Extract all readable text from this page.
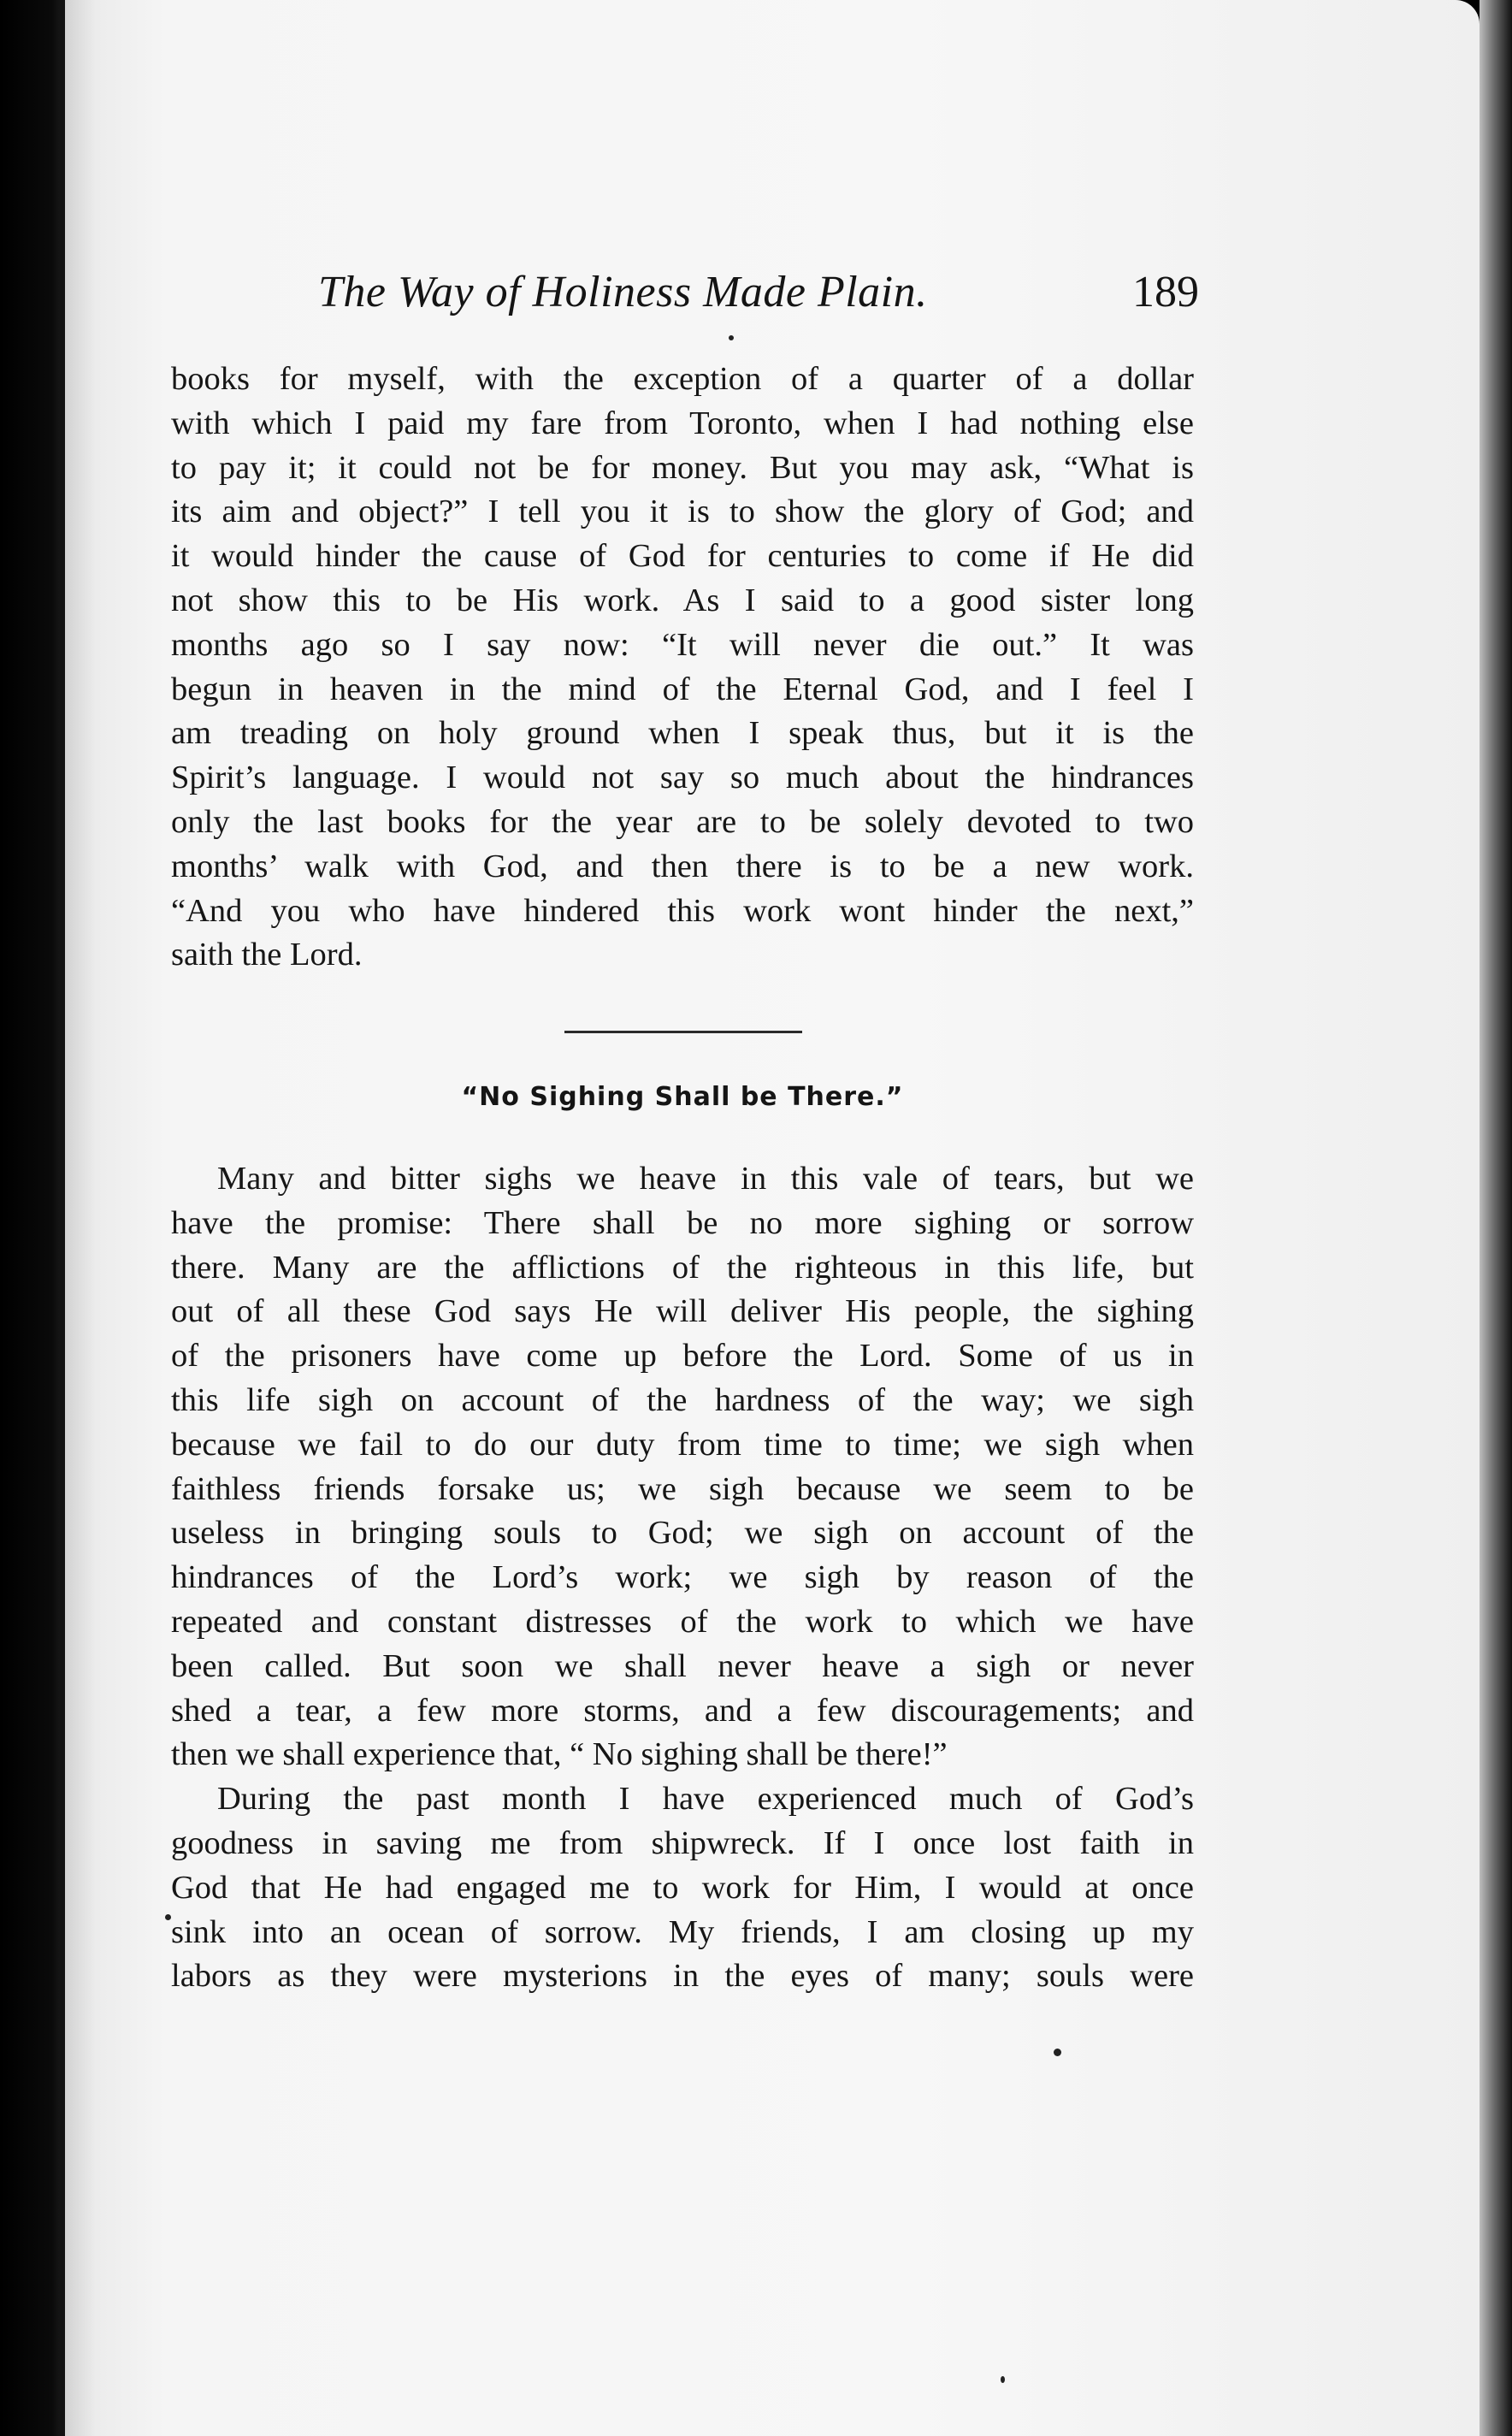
The Way of Holiness Made Plain.	189
books for myself, with the exception of a quarter of a dollar
with which I paid my fare from Toronto, when I had nothing else
to pay it; it could not be for money. But you may ask, “What is
its aim and object?” I tell you it is to show the glory of God; and
it would hinder the cause of God for centuries to come if He did
not show this to be His work. As I said to a good sister long
months ago so I say now: “It will never die out.” It was
begun in heaven in the mind of the Eternal God, and I feel I
am treading on holy ground when I speak thus, but it is the
Spirit’s language. I would not say so much about the hindrances
only the last books for the year are to be solely devoted to two
months’ walk with God, and then there is to be a new work.
“And you who have hindered this work wont hinder the next,”
saith the Lord.
“No Sighing Shall be There.”

Many and bitter sighs we heave in this vale of tears, but we
have the promise: There shall be no more sighing or sorrow
there. Many are the afflictions of the righteous in this life, but
out of all these God says He will deliver His people, the sighing
of the prisoners have come up before the Lord. Some of us in
this life sigh on account of the hardness of the way; we sigh
because we fail to do our duty from time to time; we sigh when
faithless friends forsake us; we sigh because we seem to be
useless in bringing souls to God; we sigh on account of the
hindrances of the Lord’s work; we sigh by reason of the
repeated and constant distresses of the work to which we have
been called. But soon we shall never heave a sigh or never
shed a tear, a few more storms, and a few discouragements; and
then we shall experience that, “ No sighing shall be there!”

During the past month I have experienced much of God’s
goodness in saving me from shipwreck. If I once lost faith in
God that He had engaged me to work for Him, I would at once
sink into an ocean of sorrow. My friends, I am closing up my
labors as they were mysterions in the eyes of many; souls were
